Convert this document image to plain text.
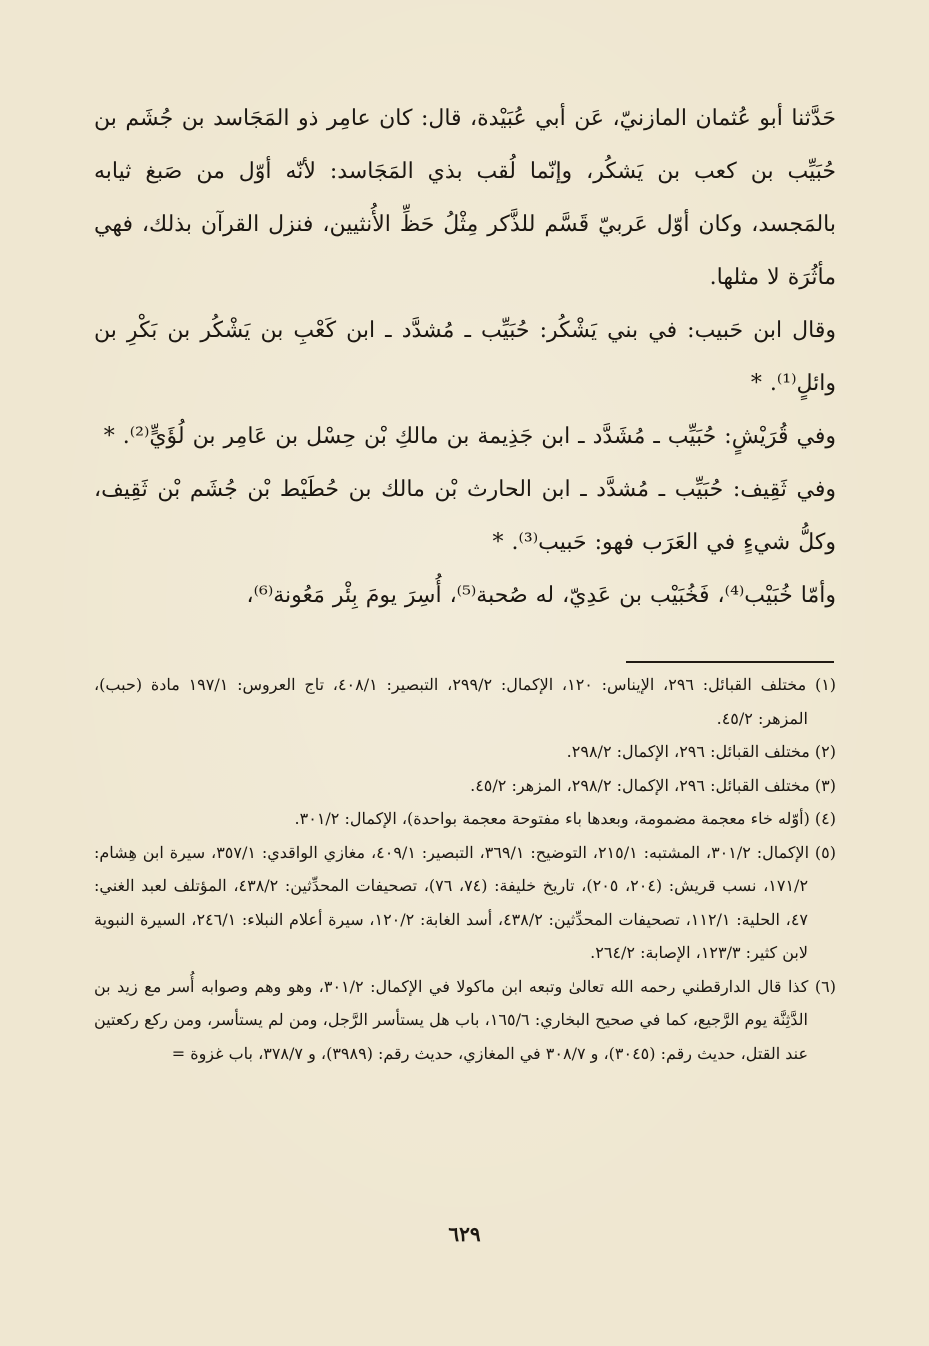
حَدَّثنا أبو عُثمان المازنيّ، عَن أبي عُبَيْدة، قال: كان عامِر ذو المَجَاسد بن جُشَم بن حُبَيِّب بن كعب بن يَشكُر، وإنّما لُقب بذي المَجَاسد: لأنّه أوّل من صَبغ ثيابه بالمَجسد، وكان أوّل عَربيّ قَسَّم للذَّكر مِثْلُ حَظِّ الأُنثيين، فنزل القرآن بذلك، فهي مأثُرَة لا مثلها.

وقال ابن حَبيب: في بني يَشْكُر: حُبَيِّب ـ مُشدَّد ـ ابن كَعْبِ بن يَشْكُر بن بَكْرِ بن وائلٍ⁽¹⁾. *

وفي قُرَيْشٍ: حُبَيِّب ـ مُشَدَّد ـ ابن جَذِيمة بن مالكِ بْن حِسْل بن عَامِر بن لُؤَيٍّ⁽²⁾. *

وفي ثَقِيف: حُبَيِّب ـ مُشدَّد ـ ابن الحارث بْن مالك بن حُطَيْط بْن جُشَم بْن ثَقِيف، وكلُّ شيءٍ في العَرَب فهو: حَبيب⁽³⁾. *

وأمّا خُبَيْب⁽⁴⁾، فَخُبَيْب بن عَدِيّ، له صُحبة⁽⁵⁾، أُسِرَ يومَ بِئْر مَعُونة⁽⁶⁾،

(١) مختلف القبائل: ٢٩٦، الإيناس: ١٢٠، الإكمال: ٢٩٩/٢، التبصير: ٤٠٨/١، تاج العروس: ١٩٧/١ مادة (حبب)، المزهر: ٤٥/٢.

(٢) مختلف القبائل: ٢٩٦، الإكمال: ٢٩٨/٢.

(٣) مختلف القبائل: ٢٩٦، الإكمال: ٢٩٨/٢، المزهر: ٤٥/٢.

(٤) (أوّله خاء معجمة مضمومة، وبعدها باء مفتوحة معجمة بواحدة)، الإكمال: ٣٠١/٢.

(٥) الإكمال: ٣٠١/٢، المشتبه: ٢١٥/١، التوضيح: ٣٦٩/١، التبصير: ٤٠٩/١، مغازي الواقدي: ٣٥٧/١، سيرة ابن هِشام: ١٧١/٢، نسب قريش: (٢٠٤، ٢٠٥)، تاريخ خليفة: (٧٤، ٧٦)، تصحيفات المحدِّثين: ٤٣٨/٢، المؤتلف لعبد الغني: ٤٧، الحلية: ١١٢/١، تصحيفات المحدِّثين: ٤٣٨/٢، أسد الغابة: ١٢٠/٢، سيرة أعلام النبلاء: ٢٤٦/١، السيرة النبوية لابن كثير: ١٢٣/٣، الإصابة: ٢٦٤/٢.

(٦) كذا قال الدارقطني رحمه الله تعالىٰ وتبعه ابن ماكولا في الإكمال: ٣٠١/٢، وهو وهم وصوابه أُسر مع زيد بن الدَّثِنَّة يوم الرَّجيع، كما في صحيح البخاري: ١٦٥/٦، باب هل يستأسر الرَّجل، ومن لم يستأسر، ومن ركع ركعتين عند القتل، حديث رقم: (٣٠٤٥)، و ٣٠٨/٧ في المغازي، حديث رقم: (٣٩٨٩)، و ٣٧٨/٧، باب غزوة =

٦٢٩
